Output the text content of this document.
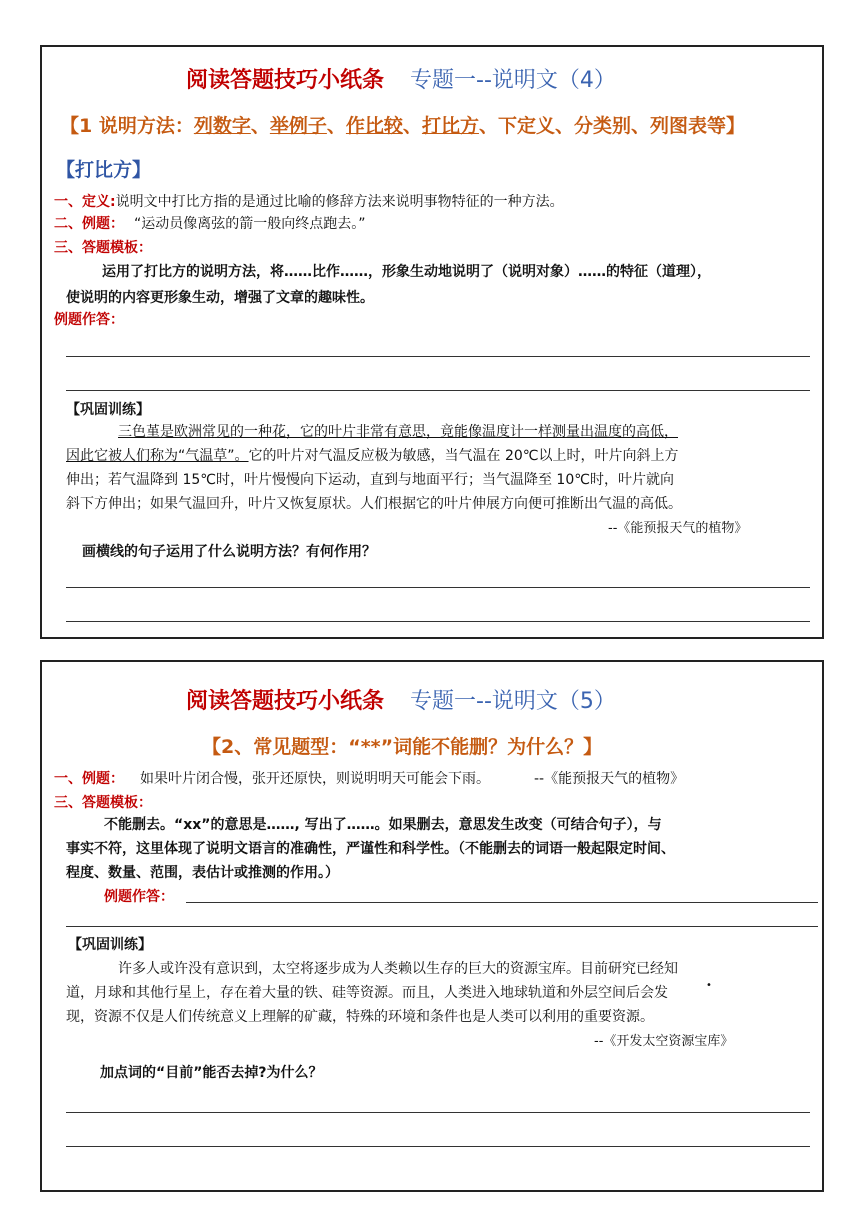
阅读答题技巧小纸条 专题一--说明文（4）
【1 说明方法：列数字、举例子、作比较、打比方、下定义、分类别、列图表等】
【打比方】
一、定义:说明文中打比方指的是通过比喻的修辞方法来说明事物特征的一种方法。
二、例题： “运动员像离弦的箭一般向终点跑去。”
三、答题模板：
运用了打比方的说明方法，将……比作……，形象生动地说明了（说明对象）……的特征（道理），
使说明的内容更形象生动，增强了文章的趣味性。
例题作答：
【巩固训练】
三色堇是欧洲常见的一种花，它的叶片非常有意思，竟能像温度计一样测量出温度的高低，
因此它被人们称为“气温草”。它的叶片对气温反应极为敏感，当气温在 20℃以上时，叶片向斜上方
伸出；若气温降到 15℃时，叶片慢慢向下运动，直到与地面平行；当气温降至 10℃时，叶片就向
斜下方伸出；如果气温回升，叶片又恢复原状。人们根据它的叶片伸展方向便可推断出气温的高低。
--《能预报天气的植物》
画横线的句子运用了什么说明方法？有何作用？
阅读答题技巧小纸条 专题一--说明文（5）
【2、常见题型：“**”词能不能删？为什么？】
一、例题： 如果叶片闭合慢，张开还原快，则说明明天可能会下雨。	--《能预报天气的植物》
三、答题模板：
不能删去。“xx”的意思是……, 写出了……。如果删去，意思发生改变（可结合句子），与
事实不符，这里体现了说明文语言的准确性，严谨性和科学性。（不能删去的词语一般起限定时间、
程度、数量、范围，表估计或推测的作用。）
例题作答：
【巩固训练】
许多人或许没有意识到，太空将逐步成为人类赖以生存的巨大的资源宝库。目前研究已经知
•
道，月球和其他行星上，存在着大量的铁、硅等资源。而且，人类进入地球轨道和外层空间后会发
现，资源不仅是人们传统意义上理解的矿藏，特殊的环境和条件也是人类可以利用的重要资源。
--《开发太空资源宝库》
加点词的“目前”能否去掉?为什么？
